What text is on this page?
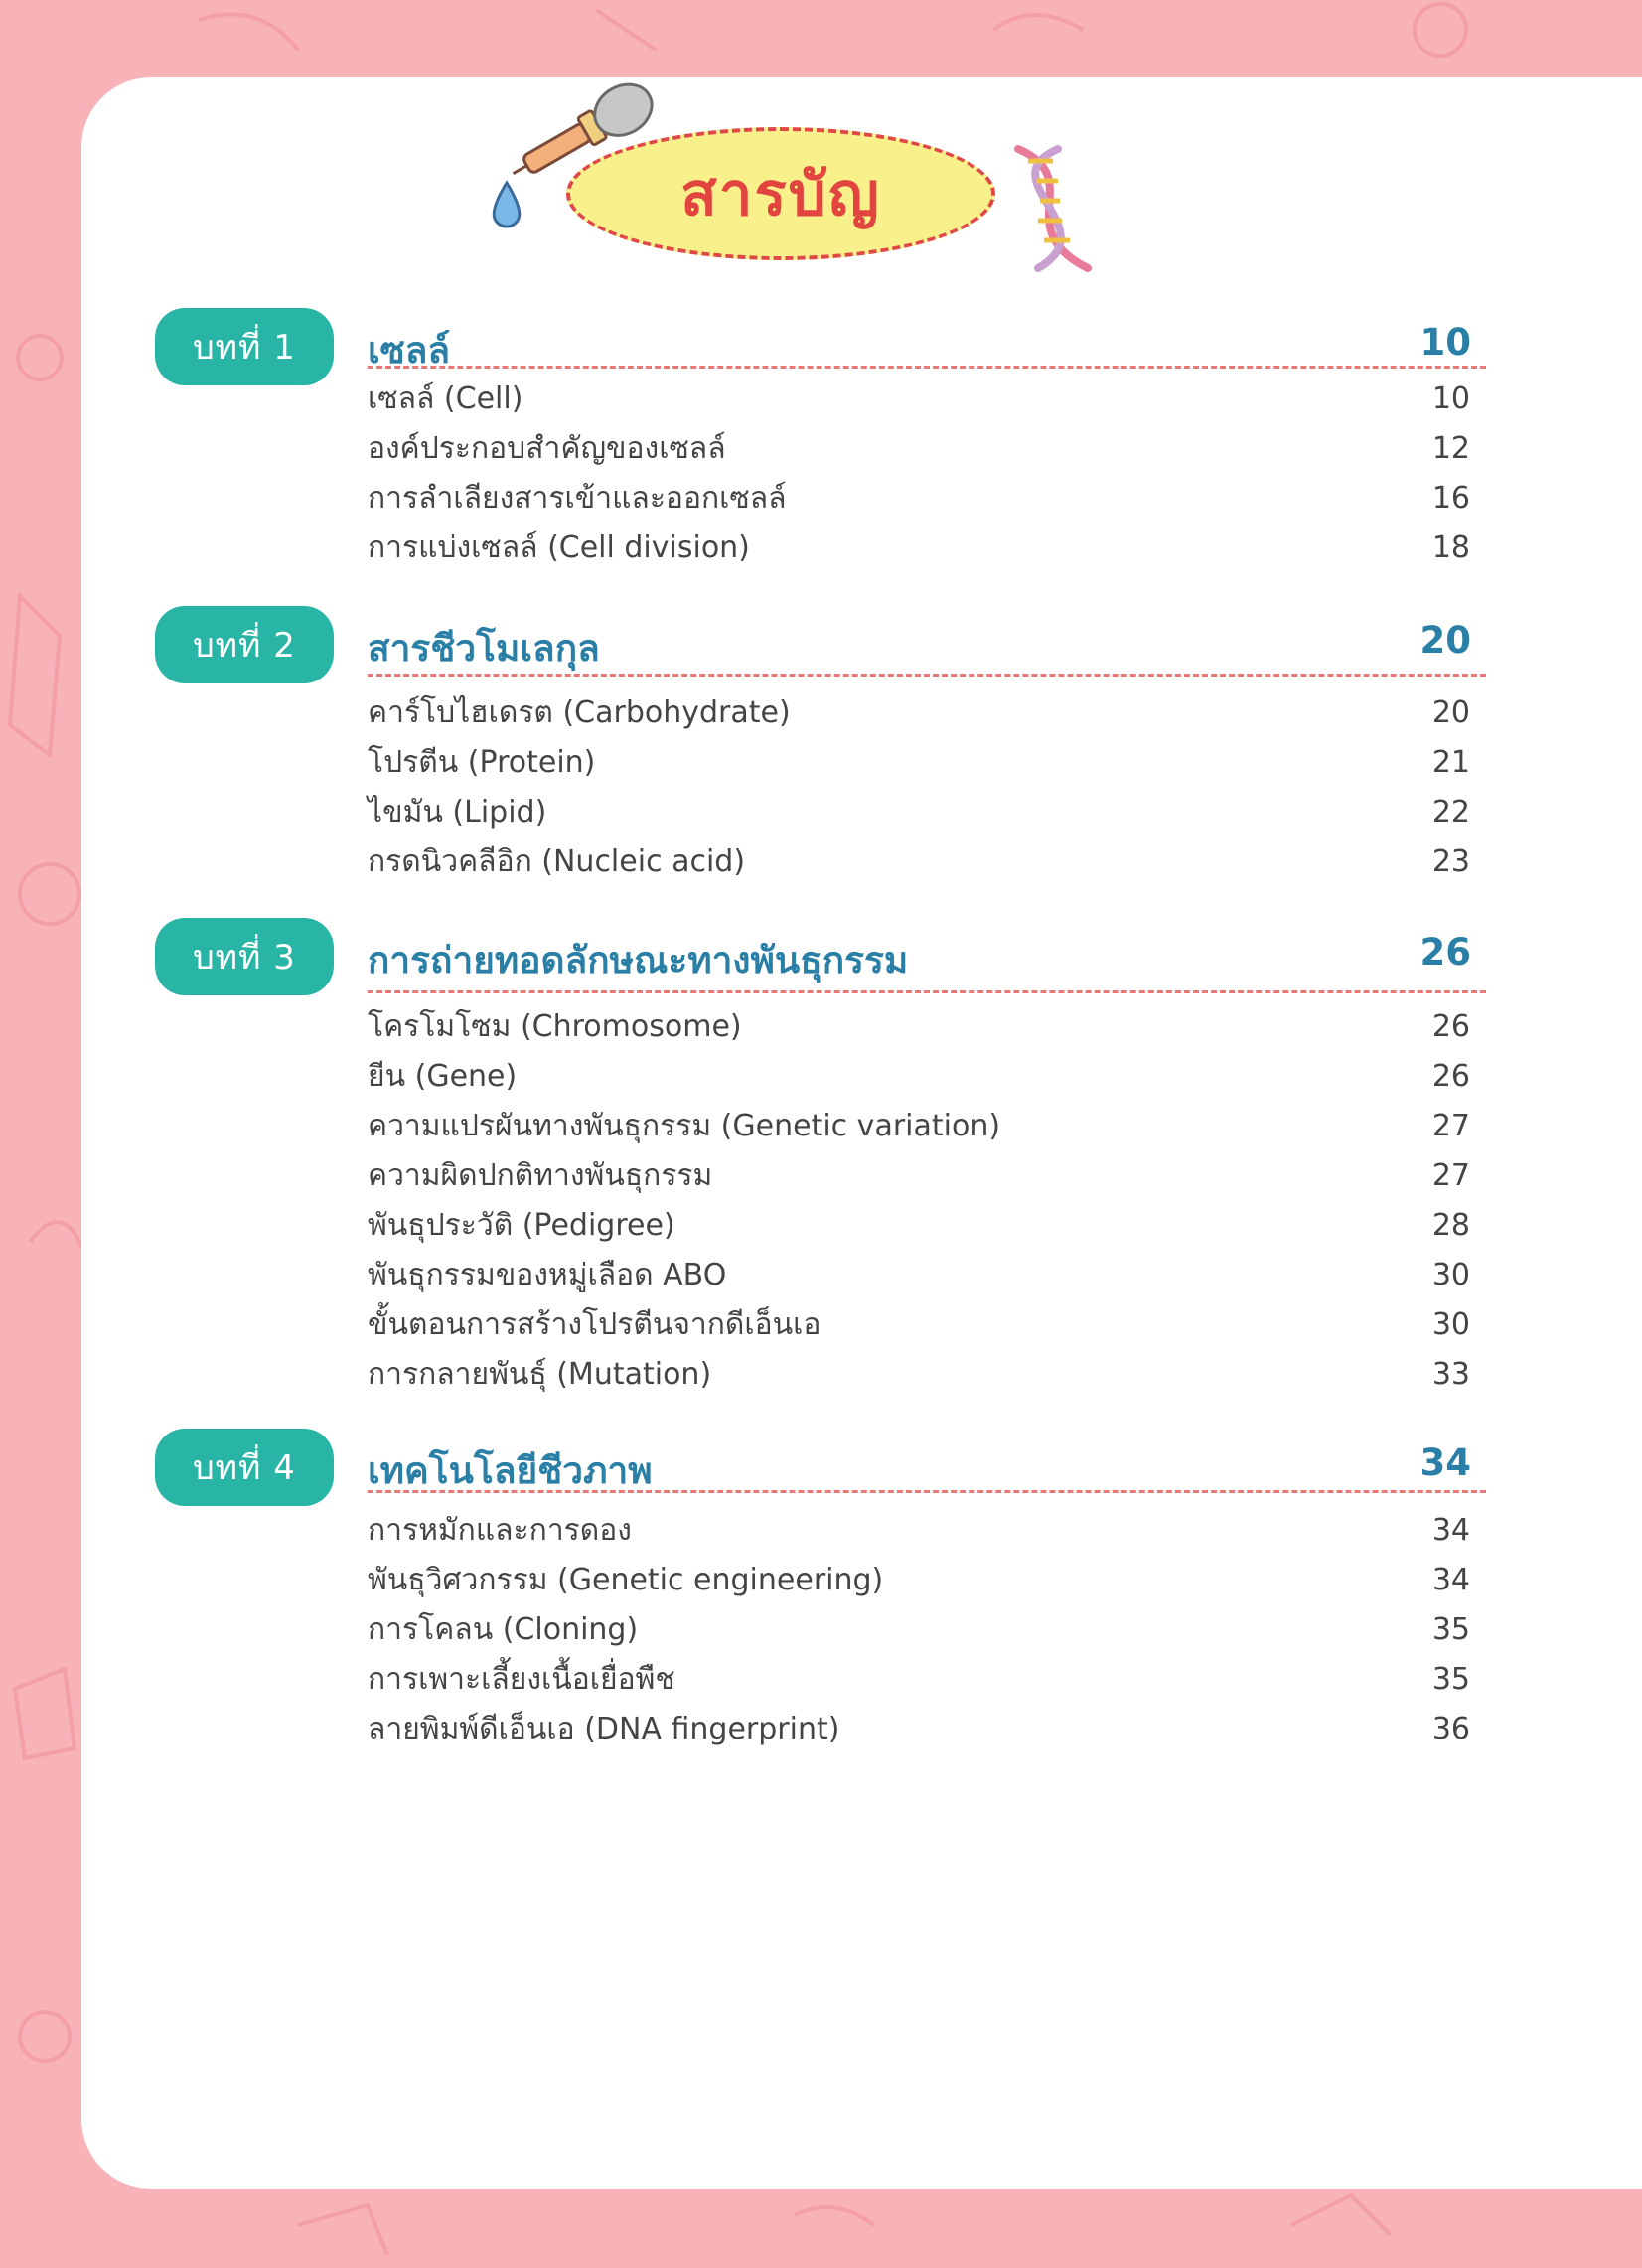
สารบัญ
บทที่ 1	เซลล์	10
เซลล์ (Cell)	10
องค์ประกอบสำคัญของเซลล์	12
การลำเลียงสารเข้าและออกเซลล์	16
การแบ่งเซลล์ (Cell division)	18
บทที่ 2	สารชีวโมเลกุล	20
คาร์โบไฮเดรต (Carbohydrate)	20
โปรตีน (Protein)	21
ไขมัน (Lipid)	22
กรดนิวคลีอิก (Nucleic acid)	23
บทที่ 3	การถ่ายทอดลักษณะทางพันธุกรรม	26
โครโมโซม (Chromosome)	26
ยีน (Gene)	26
ความแปรผันทางพันธุกรรม (Genetic variation)	27
ความผิดปกติทางพันธุกรรม	27
พันธุประวัติ (Pedigree)	28
พันธุกรรมของหมู่เลือด ABO	30
ขั้นตอนการสร้างโปรตีนจากดีเอ็นเอ	30
การกลายพันธุ์ (Mutation)	33
บทที่ 4	เทคโนโลยีชีวภาพ	34
การหมักและการดอง	34
พันธุวิศวกรรม (Genetic engineering)	34
การโคลน (Cloning)	35
การเพาะเลี้ยงเนื้อเยื่อพืช	35
ลายพิมพ์ดีเอ็นเอ (DNA fingerprint)	36
